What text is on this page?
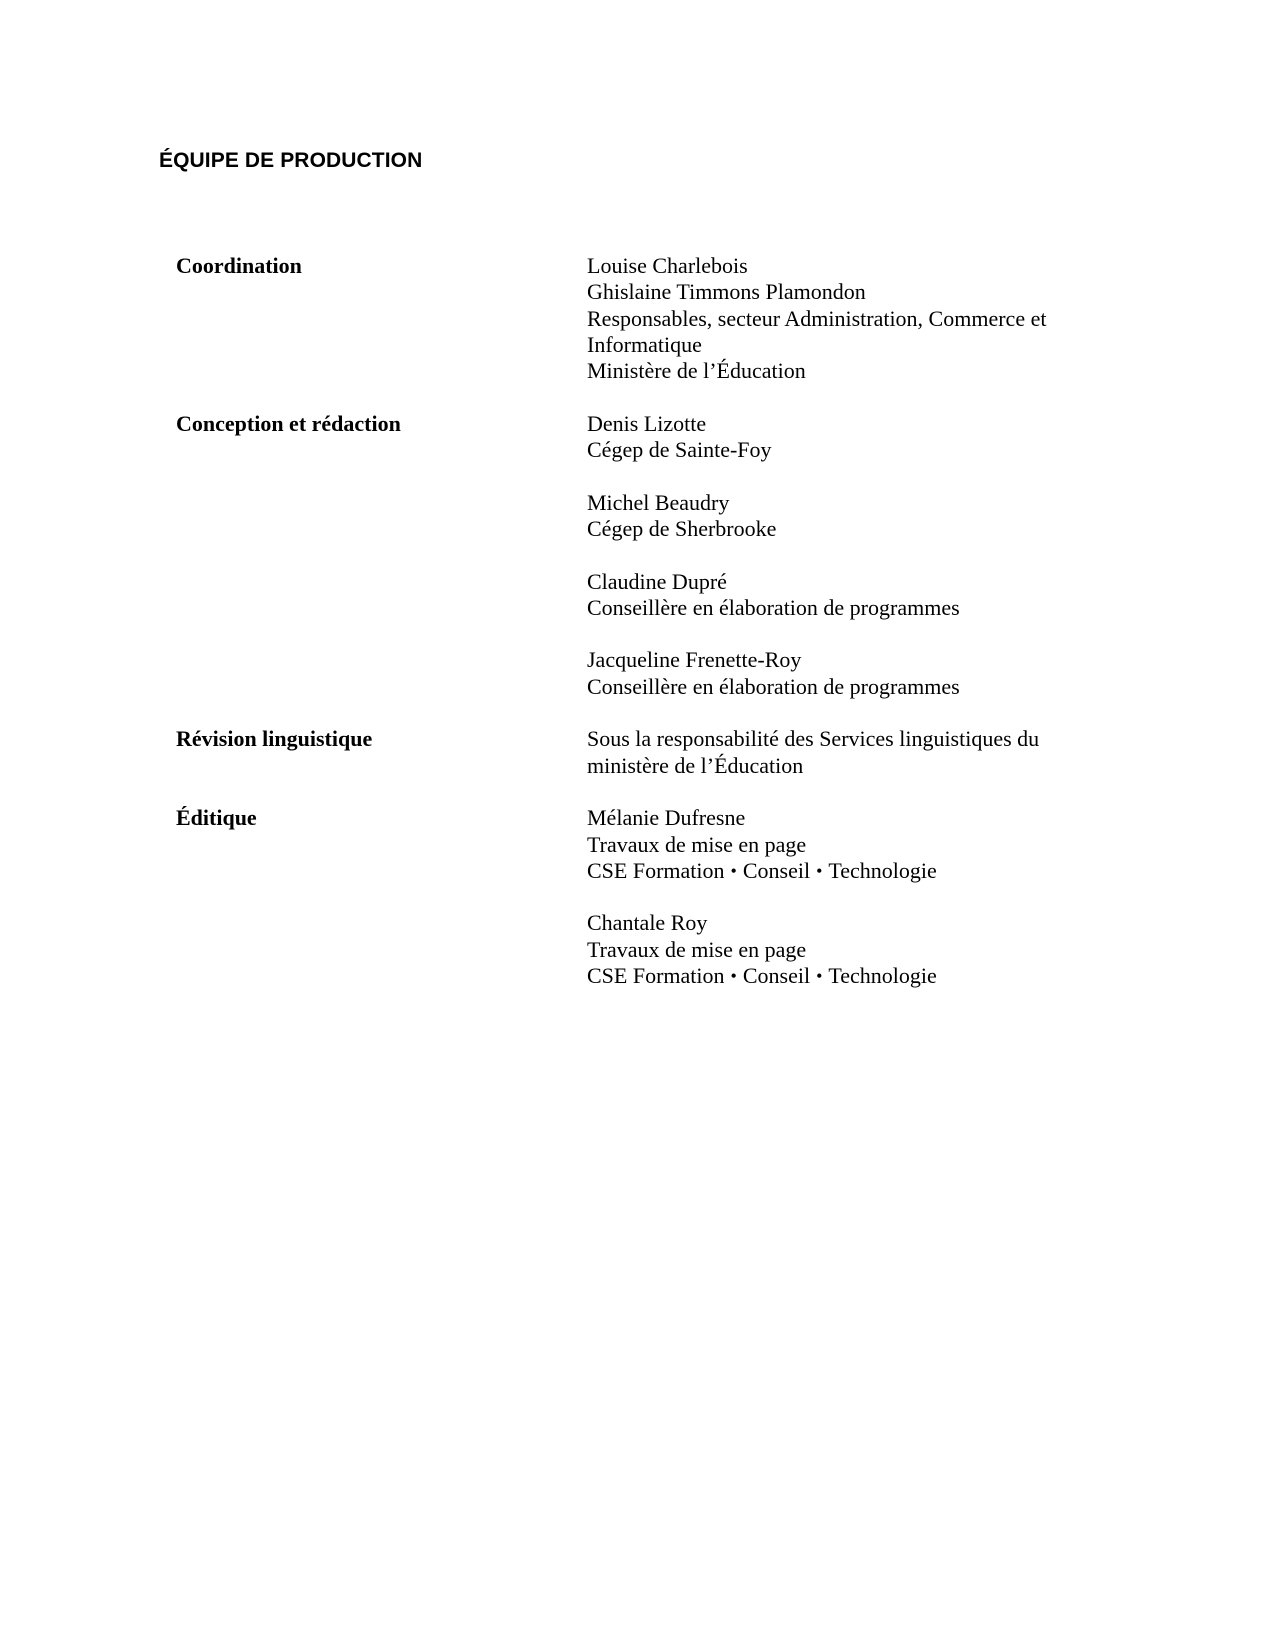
ÉQUIPE DE PRODUCTION
Coordination	Louise Charlebois
Ghislaine Timmons Plamondon
Responsables, secteur Administration, Commerce et Informatique
Ministère de l’Éducation
Conception et rédaction	Denis Lizotte
Cégep de Sainte-Foy
Michel Beaudry
Cégep de Sherbrooke
Claudine Dupré
Conseillère en élaboration de programmes
Jacqueline Frenette-Roy
Conseillère en élaboration de programmes
Révision linguistique	Sous la responsabilité des Services linguistiques du ministère de l’Éducation
Éditique	Mélanie Dufresne
Travaux de mise en page
CSE Formation • Conseil • Technologie
Chantale Roy
Travaux de mise en page
CSE Formation • Conseil • Technologie
